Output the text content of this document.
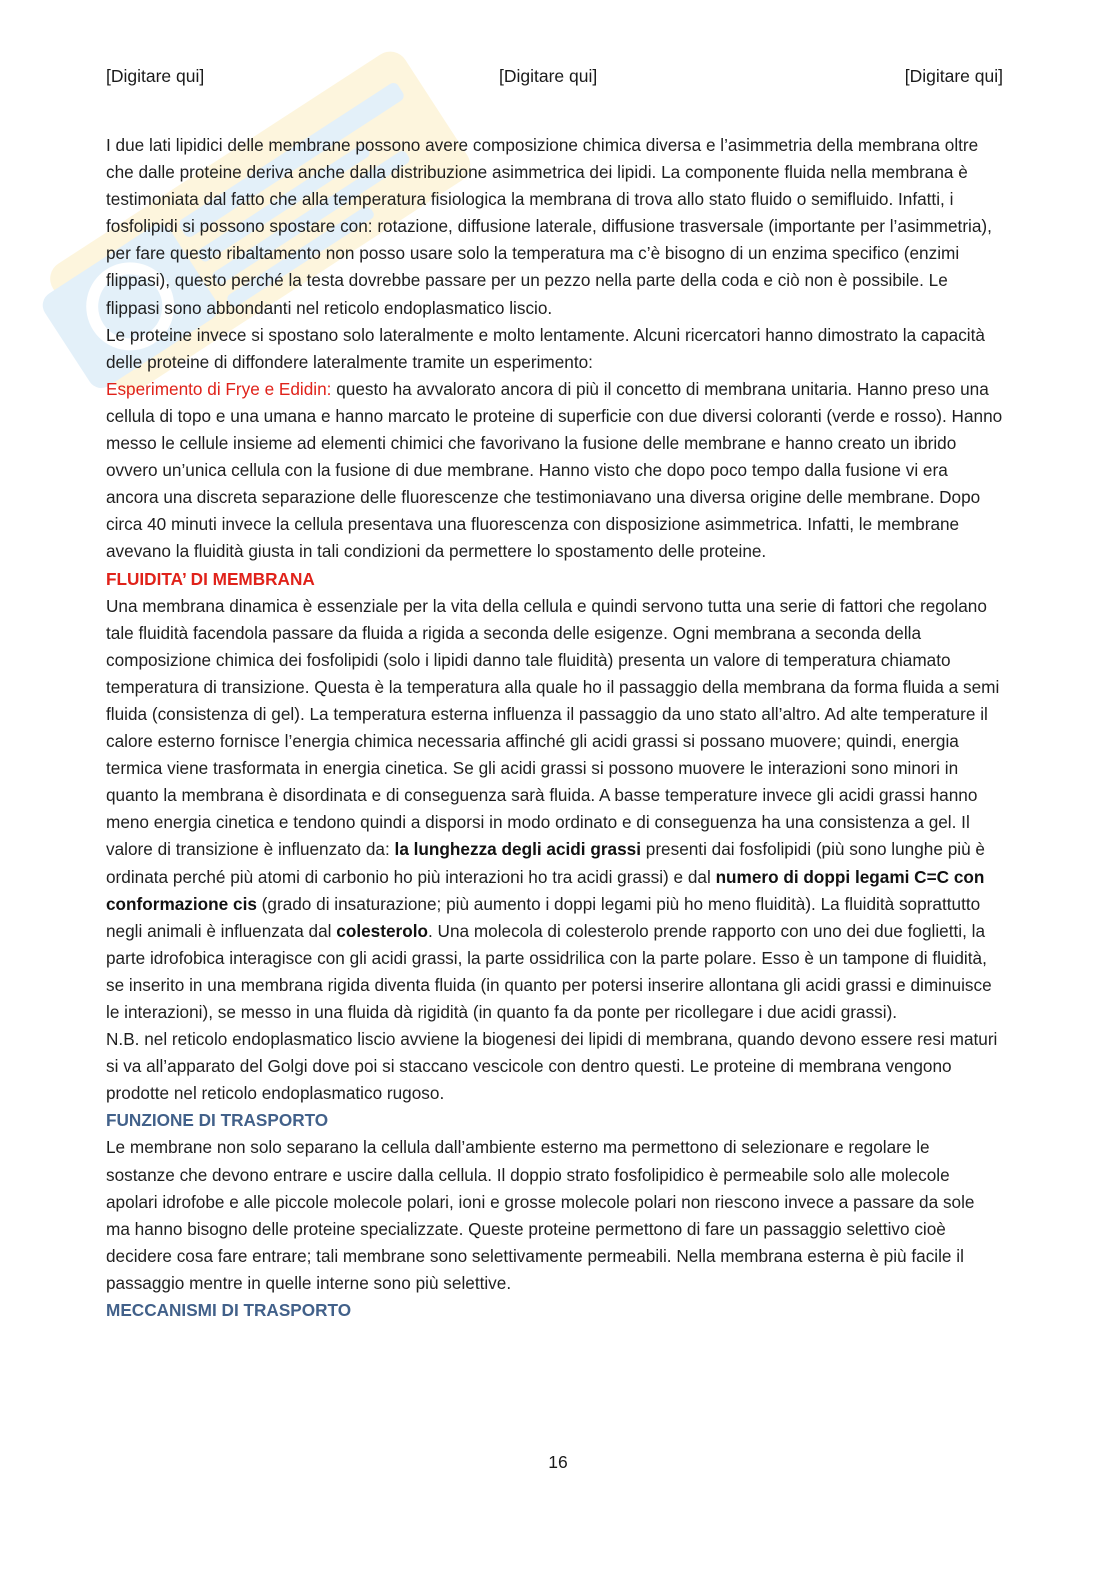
[Digitare qui]	[Digitare qui]	[Digitare qui]

I due lati lipidici delle membrane possono avere composizione chimica diversa e l’asimmetria della membrana oltre che dalle proteine deriva anche dalla distribuzione asimmetrica dei lipidi. La componente fluida nella membrana è testimoniata dal fatto che alla temperatura fisiologica la membrana di trova allo stato fluido o semifluido. Infatti, i fosfolipidi si possono spostare con: rotazione, diffusione laterale, diffusione trasversale (importante per l’asimmetria), per fare questo ribaltamento non posso usare solo la temperatura ma c’è bisogno di un enzima specifico (enzimi flippasi), questo perché la testa dovrebbe passare per un pezzo nella parte della coda e ciò non è possibile. Le flippasi sono abbondanti nel reticolo endoplasmatico liscio.

Le proteine invece si spostano solo lateralmente e molto lentamente. Alcuni ricercatori hanno dimostrato la capacità delle proteine di diffondere lateralmente tramite un esperimento:

Esperimento di Frye e Edidin: questo ha avvalorato ancora di più il concetto di membrana unitaria. Hanno preso una cellula di topo e una umana e hanno marcato le proteine di superficie con due diversi coloranti (verde e rosso). Hanno messo le cellule insieme ad elementi chimici che favorivano la fusione delle membrane e hanno creato un ibrido ovvero un’unica cellula con la fusione di due membrane. Hanno visto che dopo poco tempo dalla fusione vi era ancora una discreta separazione delle fluorescenze che testimoniavano una diversa origine delle membrane. Dopo circa 40 minuti invece la cellula presentava una fluorescenza con disposizione asimmetrica. Infatti, le membrane avevano la fluidità giusta in tali condizioni da permettere lo spostamento delle proteine.

FLUIDITA’ DI MEMBRANA

Una membrana dinamica è essenziale per la vita della cellula e quindi servono tutta una serie di fattori che regolano tale fluidità facendola passare da fluida a rigida a seconda delle esigenze. Ogni membrana a seconda della composizione chimica dei fosfolipidi (solo i lipidi danno tale fluidità) presenta un valore di temperatura chiamato temperatura di transizione. Questa è la temperatura alla quale ho il passaggio della membrana da forma fluida a semi fluida (consistenza di gel). La temperatura esterna influenza il passaggio da uno stato all’altro. Ad alte temperature il calore esterno fornisce l’energia chimica necessaria affinché gli acidi grassi si possano muovere; quindi, energia termica viene trasformata in energia cinetica. Se gli acidi grassi si possono muovere le interazioni sono minori in quanto la membrana è disordinata e di conseguenza sarà fluida. A basse temperature invece gli acidi grassi hanno meno energia cinetica e tendono quindi a disporsi in modo ordinato e di conseguenza ha una consistenza a gel. Il valore di transizione è influenzato da: la lunghezza degli acidi grassi presenti dai fosfolipidi (più sono lunghe più è ordinata perché più atomi di carbonio ho più interazioni ho tra acidi grassi) e dal numero di doppi legami C=C con conformazione cis (grado di insaturazione; più aumento i doppi legami più ho meno fluidità). La fluidità soprattutto negli animali è influenzata dal colesterolo. Una molecola di colesterolo prende rapporto con uno dei due foglietti, la parte idrofobica interagisce con gli acidi grassi, la parte ossidrilica con la parte polare. Esso è un tampone di fluidità, se inserito in una membrana rigida diventa fluida (in quanto per potersi inserire allontana gli acidi grassi e diminuisce le interazioni), se messo in una fluida dà rigidità (in quanto fa da ponte per ricollegare i due acidi grassi).

N.B. nel reticolo endoplasmatico liscio avviene la biogenesi dei lipidi di membrana, quando devono essere resi maturi si va all’apparato del Golgi dove poi si staccano vescicole con dentro questi. Le proteine di membrana vengono prodotte nel reticolo endoplasmatico rugoso.

FUNZIONE DI TRASPORTO

Le membrane non solo separano la cellula dall’ambiente esterno ma permettono di selezionare e regolare le sostanze che devono entrare e uscire dalla cellula. Il doppio strato fosfolipidico è permeabile solo alle molecole apolari idrofobe e alle piccole molecole polari, ioni e grosse molecole polari non riescono invece a passare da sole ma hanno bisogno delle proteine specializzate. Queste proteine permettono di fare un passaggio selettivo cioè decidere cosa fare entrare; tali membrane sono selettivamente permeabili. Nella membrana esterna è più facile il passaggio mentre in quelle interne sono più selettive.

MECCANISMI DI TRASPORTO

16
